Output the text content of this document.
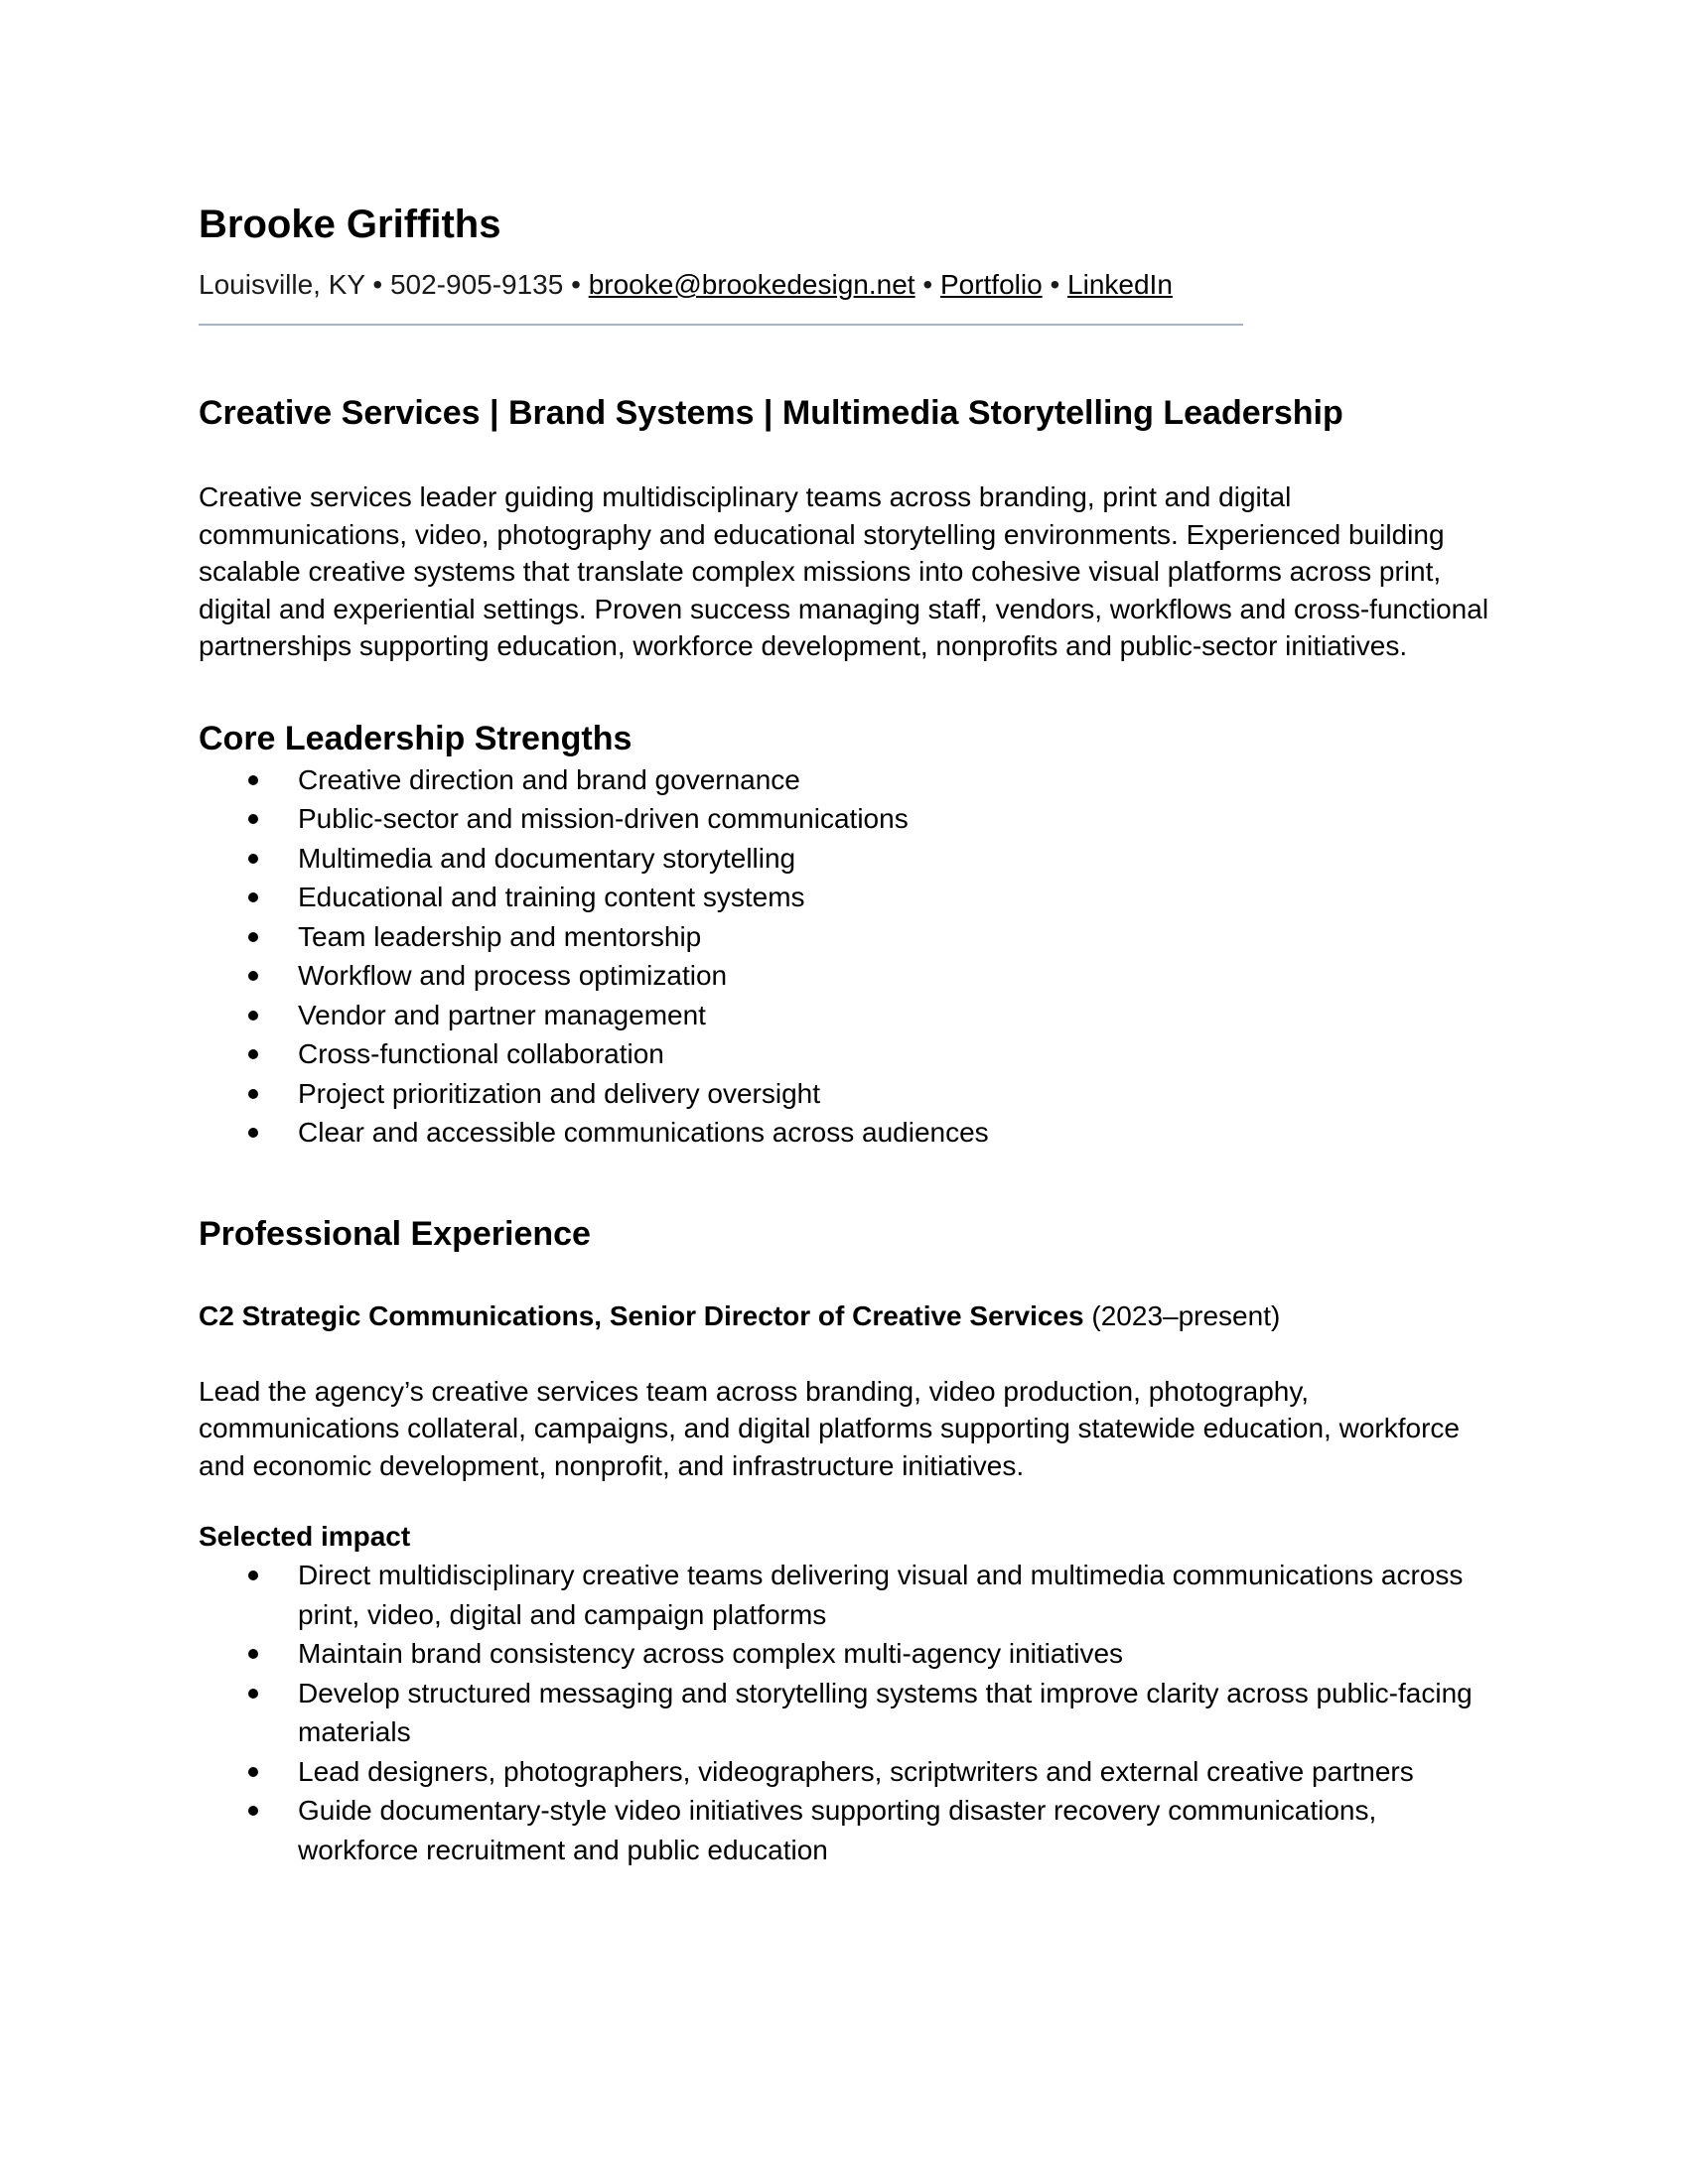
Brooke Griffiths
Louisville, KY • 502-905-9135 • brooke@brookedesign.net • Portfolio • LinkedIn
Creative Services | Brand Systems | Multimedia Storytelling Leadership
Creative services leader guiding multidisciplinary teams across branding, print and digital communications, video, photography and educational storytelling environments. Experienced building scalable creative systems that translate complex missions into cohesive visual platforms across print, digital and experiential settings. Proven success managing staff, vendors, workflows and cross-functional partnerships supporting education, workforce development, nonprofits and public-sector initiatives.
Core Leadership Strengths
Creative direction and brand governance
Public-sector and mission-driven communications
Multimedia and documentary storytelling
Educational and training content systems
Team leadership and mentorship
Workflow and process optimization
Vendor and partner management
Cross-functional collaboration
Project prioritization and delivery oversight
Clear and accessible communications across audiences
Professional Experience
C2 Strategic Communications, Senior Director of Creative Services (2023–present)
Lead the agency’s creative services team across branding, video production, photography, communications collateral, campaigns, and digital platforms supporting statewide education, workforce and economic development, nonprofit, and infrastructure initiatives.
Selected impact
Direct multidisciplinary creative teams delivering visual and multimedia communications across print, video, digital and campaign platforms
Maintain brand consistency across complex multi-agency initiatives
Develop structured messaging and storytelling systems that improve clarity across public-facing materials
Lead designers, photographers, videographers, scriptwriters and external creative partners
Guide documentary-style video initiatives supporting disaster recovery communications, workforce recruitment and public education
